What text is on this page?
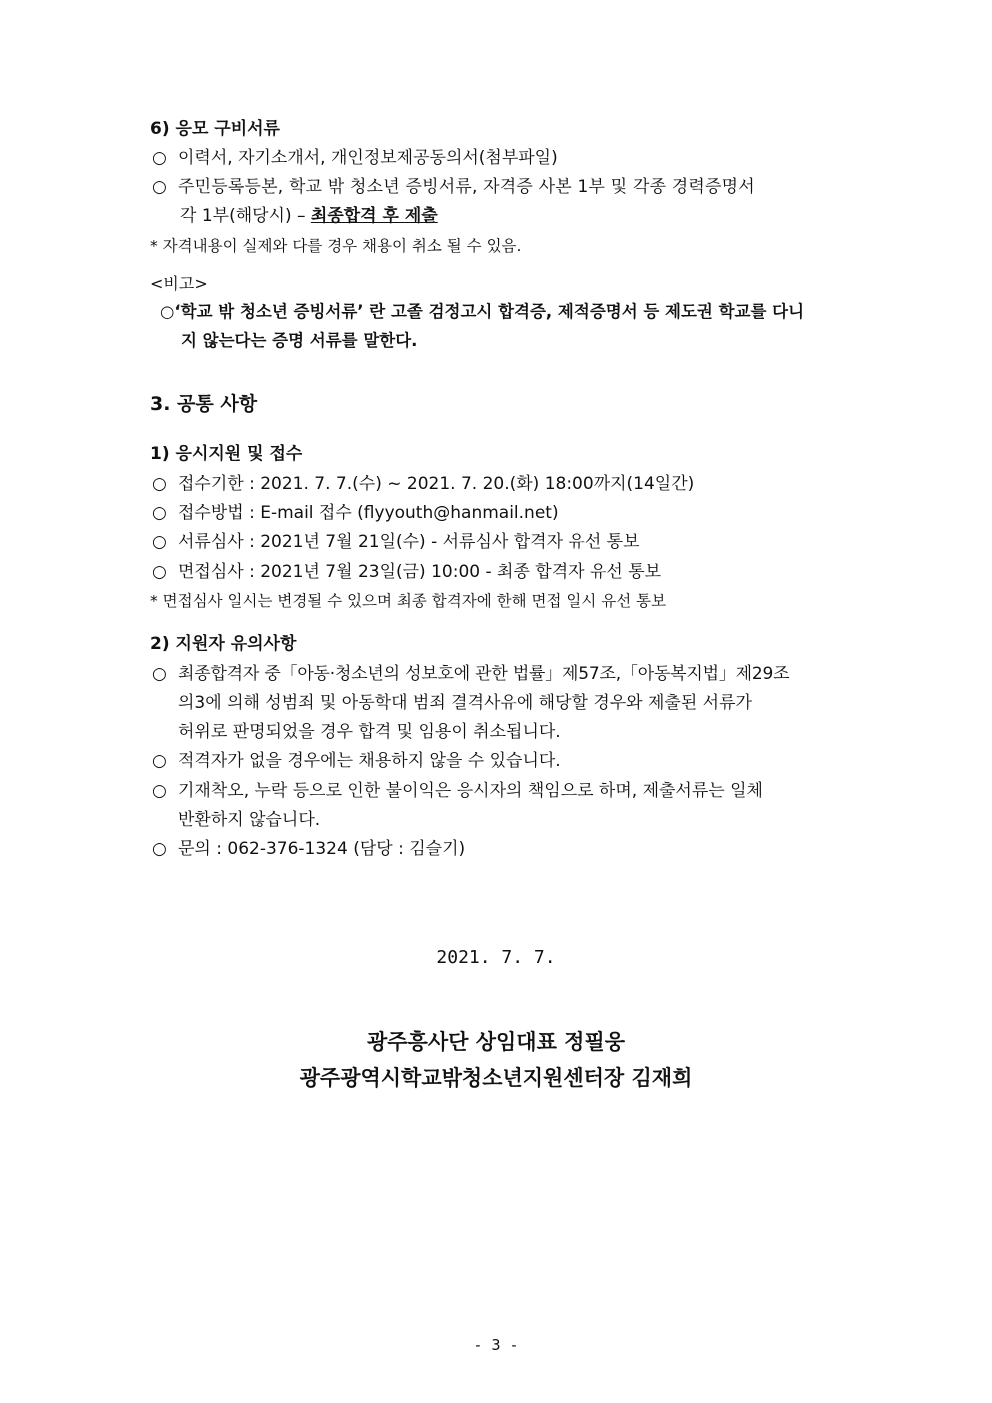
6) 응모 구비서류
○ 이력서, 자기소개서, 개인정보제공동의서(첨부파일)
○ 주민등록등본, 학교 밖 청소년 증빙서류, 자격증 사본 1부 및 각종 경력증명서
각 1부(해당시) – 최종합격 후 제출
* 자격내용이 실제와 다를 경우 채용이 취소 될 수 있음.
<비고>
○‘학교 밖 청소년 증빙서류’ 란 고졸 검정고시 합격증, 제적증명서 등 제도권 학교를 다니
지 않는다는 증명 서류를 말한다.
3. 공통 사항
1) 응시지원 및 접수
○ 접수기한 : 2021. 7. 7.(수) ~ 2021. 7. 20.(화) 18:00까지(14일간)
○ 접수방법 : E-mail 접수 (flyyouth@hanmail.net)
○ 서류심사 : 2021년 7월 21일(수) - 서류심사 합격자 유선 통보
○ 면접심사 : 2021년 7월 23일(금) 10:00 - 최종 합격자 유선 통보
* 면접심사 일시는 변경될 수 있으며 최종 합격자에 한해 면접 일시 유선 통보
2) 지원자 유의사항
○ 최종합격자 중「아동·청소년의 성보호에 관한 법률」제57조,「아동복지법」제29조
의3에 의해 성범죄 및 아동학대 범죄 결격사유에 해당할 경우와 제출된 서류가
허위로 판명되었을 경우 합격 및 임용이 취소됩니다.
○ 적격자가 없을 경우에는 채용하지 않을 수 있습니다.
○ 기재착오, 누락 등으로 인한 불이익은 응시자의 책임으로 하며, 제출서류는 일체
반환하지 않습니다.
○ 문의 : 062-376-1324 (담당 : 김슬기)
2021. 7. 7.
광주흥사단 상임대표 정필웅
광주광역시학교밖청소년지원센터장 김재희
- 3 -
